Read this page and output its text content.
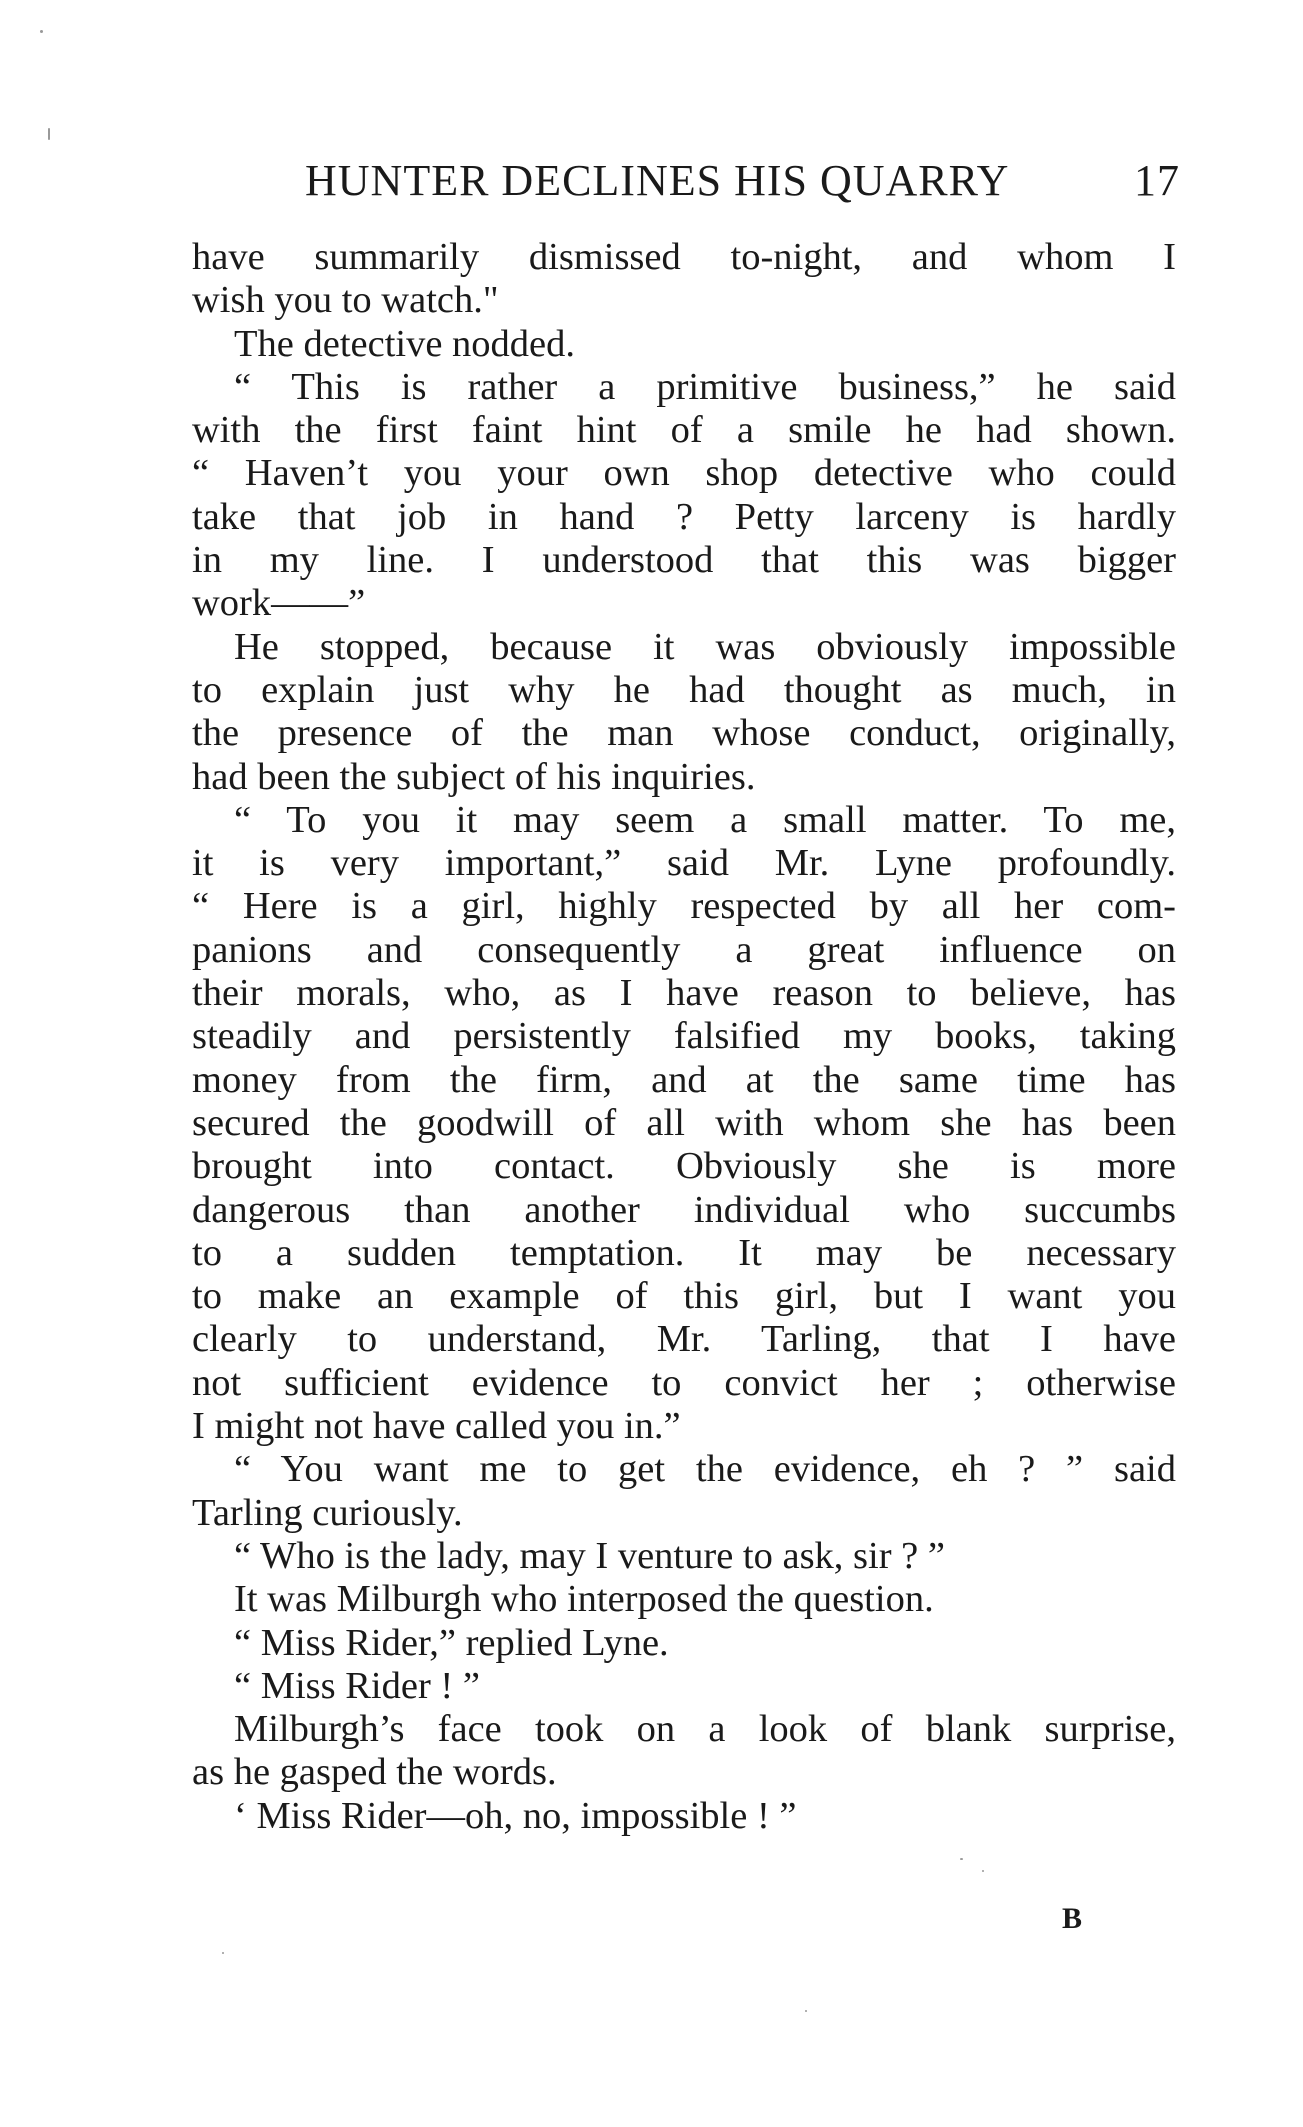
HUNTER DECLINES HIS QUARRY	17
have summarily dismissed to-night, and whom I
wish you to watch."
The detective nodded.
“ This is rather a primitive business,” he said
with the first faint hint of a smile he had shown.
“ Haven’t you your own shop detective who could
take that job in hand ? Petty larceny is hardly
in my line. I understood that this was bigger
work——”
He stopped, because it was obviously impossible
to explain just why he had thought as much, in
the presence of the man whose conduct, originally,
had been the subject of his inquiries.
“ To you it may seem a small matter. To me,
it is very important,” said Mr. Lyne profoundly.
“ Here is a girl, highly respected by all her com-
panions and consequently a great influence on
their morals, who, as I have reason to believe, has
steadily and persistently falsified my books, taking
money from the firm, and at the same time has
secured the goodwill of all with whom she has been
brought into contact. Obviously she is more
dangerous than another individual who succumbs
to a sudden temptation. It may be necessary
to make an example of this girl, but I want you
clearly to understand, Mr. Tarling, that I have
not sufficient evidence to convict her ; otherwise
I might not have called you in.”
“ You want me to get the evidence, eh ? ” said
Tarling curiously.
“ Who is the lady, may I venture to ask, sir ? ”
It was Milburgh who interposed the question.
“ Miss Rider,” replied Lyne.
“ Miss Rider ! ”
Milburgh’s face took on a look of blank surprise,
as he gasped the words.
‘ Miss Rider—oh, no, impossible ! ”
B
